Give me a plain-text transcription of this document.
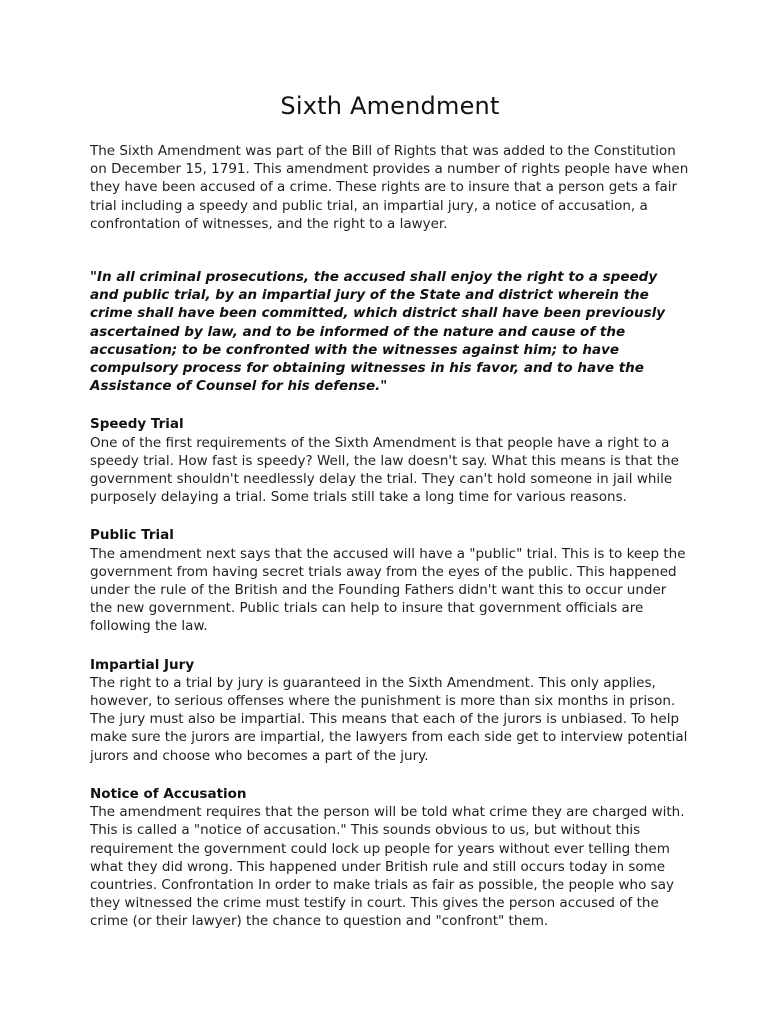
Sixth Amendment

The Sixth Amendment was part of the Bill of Rights that was added to the Constitution on December 15, 1791. This amendment provides a number of rights people have when they have been accused of a crime. These rights are to insure that a person gets a fair trial including a speedy and public trial, an impartial jury, a notice of accusation, a confrontation of witnesses, and the right to a lawyer.

"In all criminal prosecutions, the accused shall enjoy the right to a speedy and public trial, by an impartial jury of the State and district wherein the crime shall have been committed, which district shall have been previously ascertained by law, and to be informed of the nature and cause of the accusation; to be confronted with the witnesses against him; to have compulsory process for obtaining witnesses in his favor, and to have the Assistance of Counsel for his defense."

Speedy Trial

One of the first requirements of the Sixth Amendment is that people have a right to a speedy trial. How fast is speedy? Well, the law doesn't say. What this means is that the government shouldn't needlessly delay the trial. They can't hold someone in jail while purposely delaying a trial. Some trials still take a long time for various reasons.

Public Trial

The amendment next says that the accused will have a "public" trial. This is to keep the government from having secret trials away from the eyes of the public. This happened under the rule of the British and the Founding Fathers didn't want this to occur under the new government. Public trials can help to insure that government officials are following the law.

Impartial Jury

The right to a trial by jury is guaranteed in the Sixth Amendment. This only applies, however, to serious offenses where the punishment is more than six months in prison. The jury must also be impartial. This means that each of the jurors is unbiased. To help make sure the jurors are impartial, the lawyers from each side get to interview potential jurors and choose who becomes a part of the jury.

Notice of Accusation

The amendment requires that the person will be told what crime they are charged with. This is called a "notice of accusation." This sounds obvious to us, but without this requirement the government could lock up people for years without ever telling them what they did wrong. This happened under British rule and still occurs today in some countries. Confrontation In order to make trials as fair as possible, the people who say they witnessed the crime must testify in court. This gives the person accused of the crime (or their lawyer) the chance to question and "confront" them.
